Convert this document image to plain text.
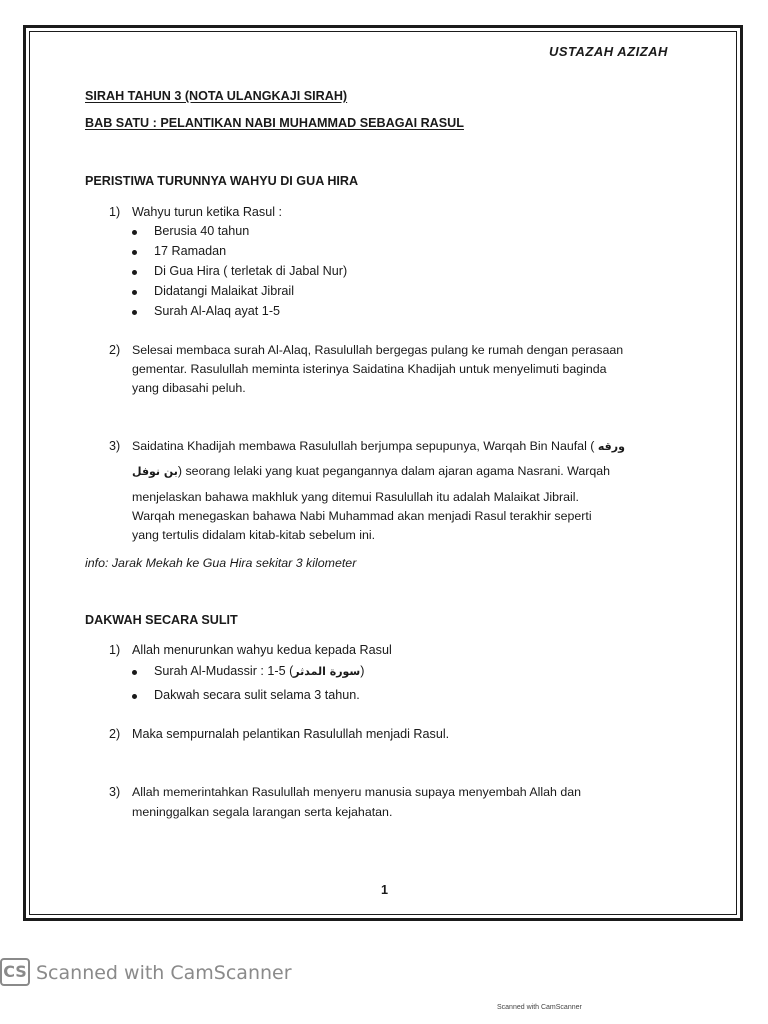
USTAZAH AZIZAH
SIRAH TAHUN 3 (NOTA ULANGKAJI SIRAH)
BAB SATU : PELANTIKAN NABI MUHAMMAD SEBAGAI RASUL
PERISTIWA TURUNNYA WAHYU DI GUA HIRA
1) Wahyu turun ketika Rasul :
Berusia 40 tahun
17 Ramadan
Di Gua Hira ( terletak di Jabal Nur)
Didatangi Malaikat Jibrail
Surah Al-Alaq ayat 1-5
2) Selesai membaca surah Al-Alaq, Rasulullah bergegas pulang ke rumah dengan perasaan
gementar. Rasulullah meminta isterinya Saidatina Khadijah untuk menyelimuti baginda
yang dibasahi peluh.
3) Saidatina Khadijah membawa Rasulullah berjumpa sepupunya, Warqah Bin Naufal ( ورقه
بن نوفل) seorang lelaki yang kuat pegangannya dalam ajaran agama Nasrani. Warqah
menjelaskan bahawa makhluk yang ditemui Rasulullah itu adalah Malaikat Jibrail.
Warqah menegaskan bahawa Nabi Muhammad akan menjadi Rasul terakhir seperti
yang tertulis didalam kitab-kitab sebelum ini.
info: Jarak Mekah ke Gua Hira sekitar 3 kilometer
DAKWAH SECARA SULIT
1) Allah menurunkan wahyu kedua kepada Rasul
Surah Al-Mudassir : 1-5 (سورة المدثر)
Dakwah secara sulit selama 3 tahun.
2) Maka sempurnalah pelantikan Rasulullah menjadi Rasul.
3) Allah memerintahkan Rasulullah menyeru manusia supaya menyembah Allah dan
meninggalkan segala larangan serta kejahatan.
1
CS Scanned with CamScanner
Scanned with CamScanner
